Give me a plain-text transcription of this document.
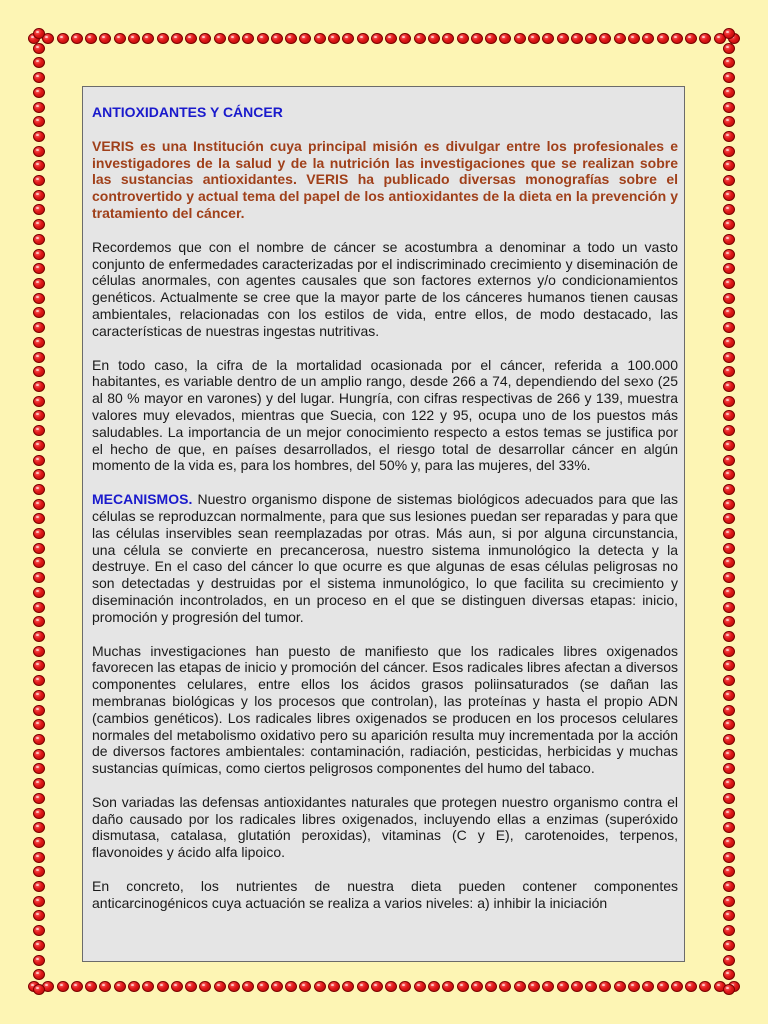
ANTIOXIDANTES Y CÁNCER

VERIS es una Institución cuya principal misión es divulgar entre los profesionales e investigadores de la salud y de la nutrición las investigaciones que se realizan sobre las sustancias antioxidantes. VERIS ha publicado diversas monografías sobre el controvertido y actual tema del papel de los antioxidantes de la dieta en la prevención y tratamiento del cáncer.

Recordemos que con el nombre de cáncer se acostumbra a denominar a todo un vasto conjunto de enfermedades caracterizadas por el indiscriminado crecimiento y diseminación de células anormales, con agentes causales que son factores externos y/o condicionamientos genéticos. Actualmente se cree que la mayor parte de los cánceres humanos tienen causas ambientales, relacionadas con los estilos de vida, entre ellos, de modo destacado, las características de nuestras ingestas nutritivas.

En todo caso, la cifra de la mortalidad ocasionada por el cáncer, referida a 100.000 habitantes, es variable dentro de un amplio rango, desde 266 a 74, dependiendo del sexo (25 al 80 % mayor en varones) y del lugar. Hungría, con cifras respectivas de 266 y 139, muestra valores muy elevados, mientras que Suecia, con 122 y 95, ocupa uno de los puestos más saludables. La importancia de un mejor conocimiento respecto a estos temas se justifica por el hecho de que, en países desarrollados, el riesgo total de desarrollar cáncer en algún momento de la vida es, para los hombres, del 50% y, para las mujeres, del 33%.

MECANISMOS. Nuestro organismo dispone de sistemas biológicos adecuados para que las células se reproduzcan normalmente, para que sus lesiones puedan ser reparadas y para que las células inservibles sean reemplazadas por otras. Más aun, si por alguna circunstancia, una célula se convierte en precancerosa, nuestro sistema inmunológico la detecta y la destruye. En el caso del cáncer lo que ocurre es que algunas de esas células peligrosas no son detectadas y destruidas por el sistema inmunológico, lo que facilita su crecimiento y diseminación incontrolados, en un proceso en el que se distinguen diversas etapas: inicio, promoción y progresión del tumor.

Muchas investigaciones han puesto de manifiesto que los radicales libres oxigenados favorecen las etapas de inicio y promoción del cáncer. Esos radicales libres afectan a diversos componentes celulares, entre ellos los ácidos grasos poliinsaturados (se dañan las membranas biológicas y los procesos que controlan), las proteínas y hasta el propio ADN (cambios genéticos). Los radicales libres oxigenados se producen en los procesos celulares normales del metabolismo oxidativo pero su aparición resulta muy incrementada por la acción de diversos factores ambientales: contaminación, radiación, pesticidas, herbicidas y muchas sustancias químicas, como ciertos peligrosos componentes del humo del tabaco.

Son variadas las defensas antioxidantes naturales que protegen nuestro organismo contra el daño causado por los radicales libres oxigenados, incluyendo ellas a enzimas (superóxido dismutasa, catalasa, glutatión peroxidas), vitaminas (C y E), carotenoides, terpenos, flavonoides y ácido alfa lipoico.

En concreto, los nutrientes de nuestra dieta pueden contener componentes anticarcinogénicos cuya actuación se realiza a varios niveles: a) inhibir la iniciación
